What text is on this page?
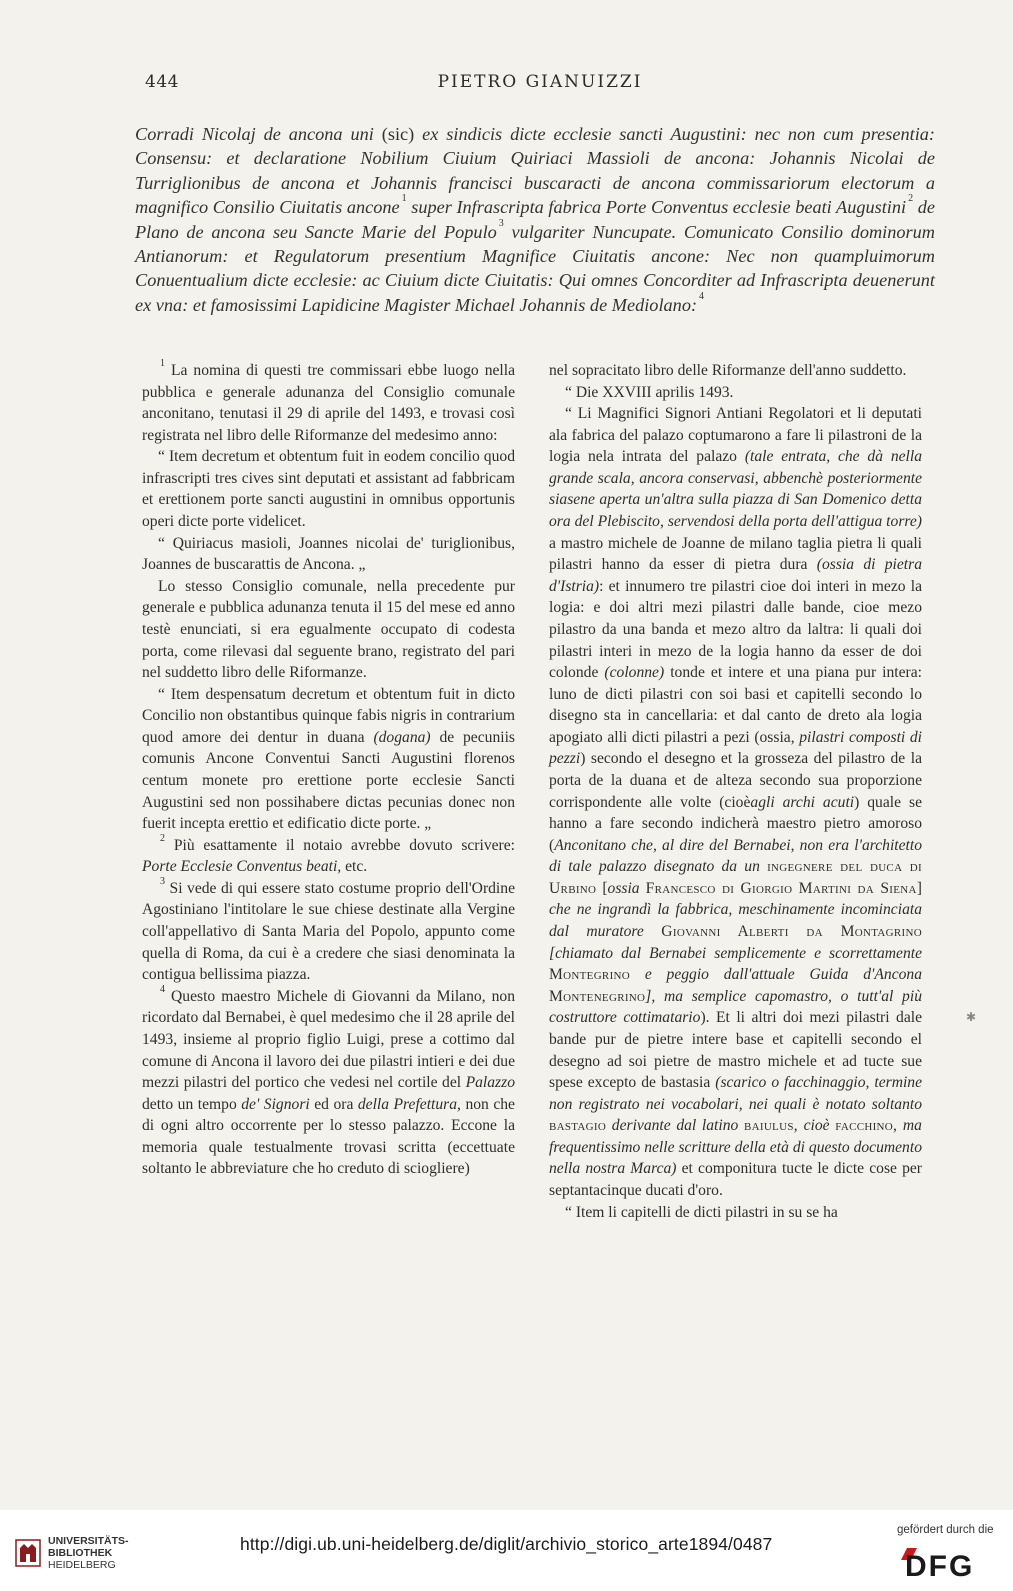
444	PIETRO GIANUIZZI
Corradi Nicolaj de ancona uni (sic) ex sindicis dicte ecclesie sancti Augustini: nec non cum presentia: Consensu: et declaratione Nobilium Ciuium Quiriaci Massioli de ancona: Johannis Nicolai de Turriglionibus de ancona et Johannis francisci buscaracti de ancona commissariorum electorum a magnifico Consilio Ciuitatis ancone $^1$ super Infrascripta fabrica Porte Conventus ecclesie beati Augustini $^2$ de Plano de ancona seu Sancte Marie del Populo $^3$ vulgariter Nuncupate. Comunicato Consilio dominorum Antianorum: et Regulatorum presentium Magnifice Ciuitatis ancone: Nec non quampluimorum Conuentualium dicte ecclesie: ac Ciuium dicte Ciuitatis: Qui omnes Concorditer ad Infrascripta deuenerunt ex vna: et famosissimi Lapidicine Magister Michael Johannis de Mediolano: $^4$

$^1$ La nomina di questi tre commissari ebbe luogo nella pubblica e generale adunanza del Consiglio comunale anconitano, tenutasi il 29 di aprile del 1493, e trovasi così registrata nel libro delle Riformanze del medesimo anno:

“ Item decretum et obtentum fuit in eodem concilio quod infrascripti tres cives sint deputati et assistant ad fabbricam et erettionem porte sancti augustini in omnibus opportunis operi dicte porte videlicet.

“ Quiriacus masioli, Joannes nicolai de' turiglionibus, Joannes de buscarattis de Ancona. „

Lo stesso Consiglio comunale, nella precedente pur generale e pubblica adunanza tenuta il 15 del mese ed anno testè enunciati, si era egualmente occupato di codesta porta, come rilevasi dal seguente brano, registrato del pari nel suddetto libro delle Riformanze.

“ Item despensatum decretum et obtentum fuit in dicto Concilio non obstantibus quinque fabis nigris in contrarium quod amore dei dentur in duana (dogana) de pecuniis comunis Ancone Conventui Sancti Augustini florenos centum monete pro erettione porte ecclesie Sancti Augustini sed non possihabere dictas pecunias donec non fuerit incepta erettio et edificatio dicte porte. „

$^2$ Più esattamente il notaio avrebbe dovuto scrivere: Porte Ecclesie Conventus beati, etc.

$^3$ Si vede di qui essere stato costume proprio dell'Ordine Agostiniano l'intitolare le sue chiese destinate alla Vergine coll'appellativo di Santa Maria del Popolo, appunto come quella di Roma, da cui è a credere che siasi denominata la contigua bellissima piazza.

$^4$ Questo maestro Michele di Giovanni da Milano, non ricordato dal Bernabei, è quel medesimo che il 28 aprile del 1493, insieme al proprio figlio Luigi, prese a cottimo dal comune di Ancona il lavoro dei due pilastri intieri e dei due mezzi pilastri del portico che vedesi nel cortile del Palazzo detto un tempo de' Signori ed ora della Prefettura, non che di ogni altro occorrente per lo stesso palazzo. Eccone la memoria quale testualmente trovasi scritta (eccettuate soltanto le abbreviature che ho creduto di sciogliere)

nel sopracitato libro delle Riformanze dell'anno suddetto.

“ Die XXVIII aprilis 1493.

“ Li Magnifici Signori Antiani Regolatori et li deputati ala fabrica del palazo coptumarono a fare li pilastroni de la logia nela intrata del palazo (tale entrata, che dà nella grande scala, ancora conservasi, abbenchè posteriormente siasene aperta un'altra sulla piazza di San Domenico detta ora del Plebiscito, servendosi della porta dell'attigua torre) a mastro michele de Joanne de milano taglia pietra li quali pilastri hanno da esser di pietra dura (ossia di pietra d'Istria): et innumero tre pilastri cioe doi interi in mezo la logia: e doi altri mezi pilastri dalle bande, cioe mezo pilastro da una banda et mezo altro da laltra: li quali doi pilastri interi in mezo de la logia hanno da esser de doi colonde (colonne) tonde et intere et una piana pur intera: luno de dicti pilastri con soi basi et capitelli secondo lo disegno sta in cancellaria: et dal canto de dreto ala logia apogiato alli dicti pilastri a pezi (ossia, pilastri composti di pezzi) secondo el desegno et la grosseza del pilastro de la porta de la duana et de alteza secondo sua proporzione corrispondente alle volte (cioèagli archi acuti) quale se hanno a fare secondo indicherà maestro pietro amoroso (Anconitano che, al dire del Bernabei, non era l'architetto di tale palazzo disegnato da un ingegnere del duca di Urbino [ossia Francesco di Giorgio Martini da Siena] che ne ingrandì la fabbrica, meschinamente incominciata dal muratore Giovanni Alberti da Montagrino [chiamato dal Bernabei semplicemente e scorrettamente Montegrino e peggio dall'attuale Guida d'Ancona Montenegrino], ma semplice capomastro, o tutt'al più costruttore cottimatario). Et li altri doi mezi pilastri dale bande pur de pietre intere base et capitelli secondo el desegno ad soi pietre de mastro michele et ad tucte sue spese excepto de bastasia (scarico o facchinaggio, termine non registrato nei vocabolari, nei quali è notato soltanto bastagio derivante dal latino baiulus, cioè facchino, ma frequentissimo nelle scritture della età di questo documento nella nostra Marca) et componitura tucte le dicte cose per septantacinque ducati d'oro.

“ Item li capitelli de dicti pilastri in su se ha

✱
UNIVERSITÄTS-
BIBLIOTHEK
HEIDELBERG
http://digi.ub.uni-heidelberg.de/diglit/archivio_storico_arte1894/0487
gefördert durch die
DFG
